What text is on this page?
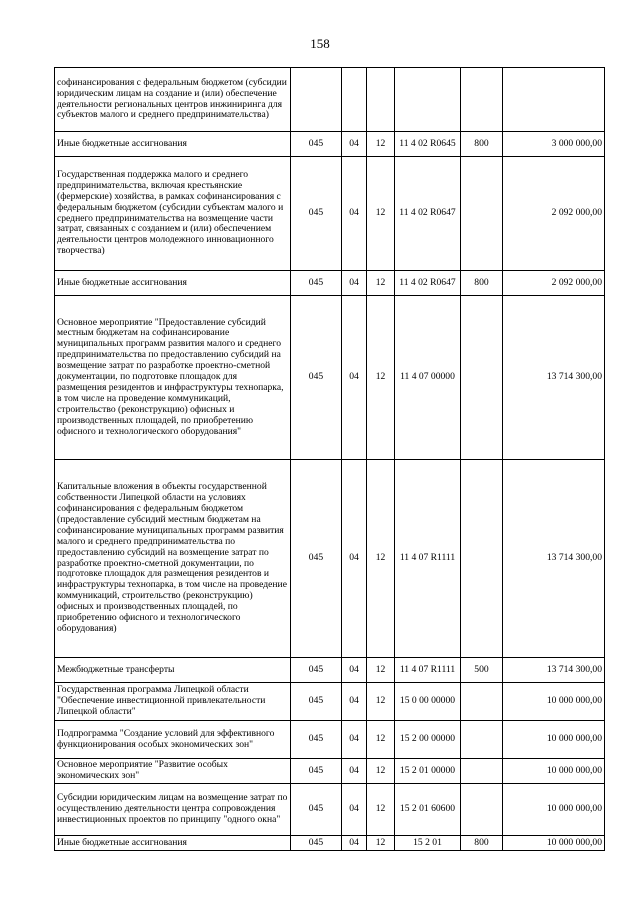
158
софинансирования с федеральным бюджетом (субсидии юридическим лицам на создание и (или) обеспечение деятельности региональных центров инжиниринга для субъектов малого и среднего предпринимательства)						
Иные бюджетные ассигнования	045	04	12	11 4 02 R0645	800	3 000 000,00
Государственная поддержка малого и среднего предпринимательства, включая крестьянские (фермерские) хозяйства, в рамках софинансирования с федеральным бюджетом (субсидии субъектам малого и среднего предпринимательства на возмещение части затрат, связанных с созданием и (или) обеспечением деятельности центров молодежного инновационного творчества)	045	04	12	11 4 02 R0647		2 092 000,00
Иные бюджетные ассигнования	045	04	12	11 4 02 R0647	800	2 092 000,00
Основное мероприятие "Предоставление субсидий местным бюджетам на софинансирование муниципальных программ развития малого и среднего предпринимательства по предоставлению субсидий на возмещение затрат по разработке проектно-сметной документации, по подготовке площадок для размещения резидентов и инфраструктуры технопарка, в том числе на проведение коммуникаций, строительство (реконструкцию) офисных и производственных площадей, по приобретению офисного и технологического оборудования"	045	04	12	11 4 07 00000		13 714 300,00
Капитальные вложения в объекты государственной собственности Липецкой области на условиях софинансирования с федеральным бюджетом (предоставление субсидий местным бюджетам на софинансирование муниципальных программ развития малого и среднего предпринимательства по предоставлению субсидий на возмещение затрат по разработке проектно-сметной документации, по подготовке площадок для размещения резидентов и инфраструктуры технопарка, в том числе на проведение коммуникаций, строительство (реконструкцию) офисных и производственных площадей, по приобретению офисного и технологического оборудования)	045	04	12	11 4 07 R1111		13 714 300,00
Межбюджетные трансферты	045	04	12	11 4 07 R1111	500	13 714 300,00
Государственная программа Липецкой области "Обеспечение инвестиционной привлекательности Липецкой области"	045	04	12	15 0 00 00000		10 000 000,00
Подпрограмма "Создание условий для эффективного функционирования особых экономических зон"	045	04	12	15 2 00 00000		10 000 000,00
Основное мероприятие "Развитие особых экономических зон"	045	04	12	15 2 01 00000		10 000 000,00
Субсидии юридическим лицам на возмещение затрат по осуществлению деятельности центра сопровождения инвестиционных проектов по принципу "одного окна"	045	04	12	15 2 01 60600		10 000 000,00
Иные бюджетные ассигнования	045	04	12	15 2 01	800	10 000 000,00
